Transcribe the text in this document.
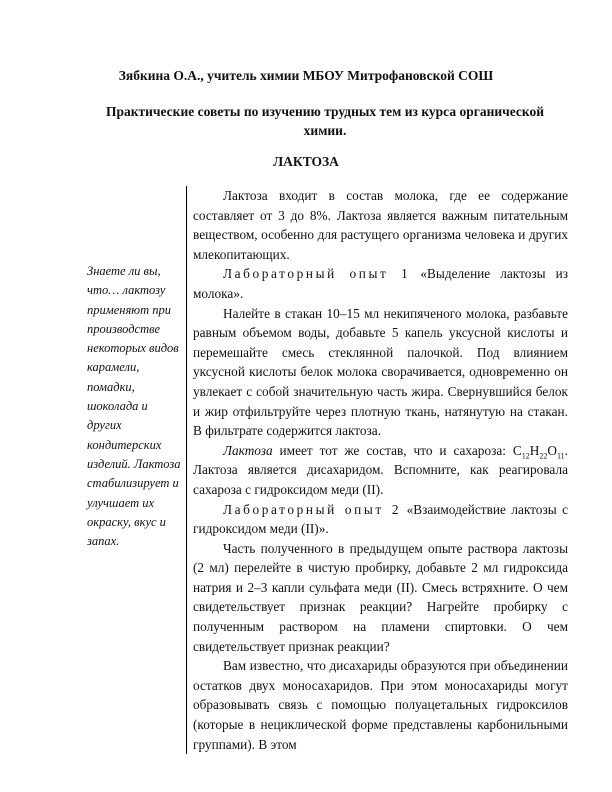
Зябкина О.А., учитель химии МБОУ Митрофановской СОШ
Практические советы по изучению трудных тем из курса органической химии.
ЛАКТОЗА
Знаете ли вы, что… лактозу применяют при производстве некоторых видов карамели, помадки, шоколада и других кондитерских изделий. Лактоза стабилизирует и улучшает их окраску, вкус и запах.

Лактоза входит в состав молока, где ее содержание составляет от 3 до 8%. Лактоза является важным питательным веществом, особенно для растущего организма человека и других млекопитающих.

Лабораторный опыт 1 «Выделение лактозы из молока».

Налейте в стакан 10–15 мл некипяченого молока, разбавьте равным объемом воды, добавьте 5 капель уксусной кислоты и перемешайте смесь стеклянной палочкой. Под влиянием уксусной кислоты белок молока сворачивается, одновременно он увлекает с собой значительную часть жира. Свернувшийся белок и жир отфильтруйте через плотную ткань, натянутую на стакан. В фильтрате содержится лактоза.

Лактоза имеет тот же состав, что и сахароза: $C_{12}H_{22}O_{11}$. Лактоза является дисахаридом. Вспомните, как реагировала сахароза с гидроксидом меди (II).

Лабораторный опыт 2 «Взаимодействие лактозы с гидроксидом меди (II)».

Часть полученного в предыдущем опыте раствора лактозы (2 мл) перелейте в чистую пробирку, добавьте 2 мл гидроксида натрия и 2–3 капли сульфата меди (II). Смесь встряхните. О чем свидетельствует признак реакции? Нагрейте пробирку с полученным раствором на пламени спиртовки. О чем свидетельствует признак реакции?

Вам известно, что дисахариды образуются при объединении остатков двух моносахаридов. При этом моносахариды могут образовывать связь с помощью полуацетальных гидроксилов (которые в нециклической форме представлены карбонильными группами). В этом
